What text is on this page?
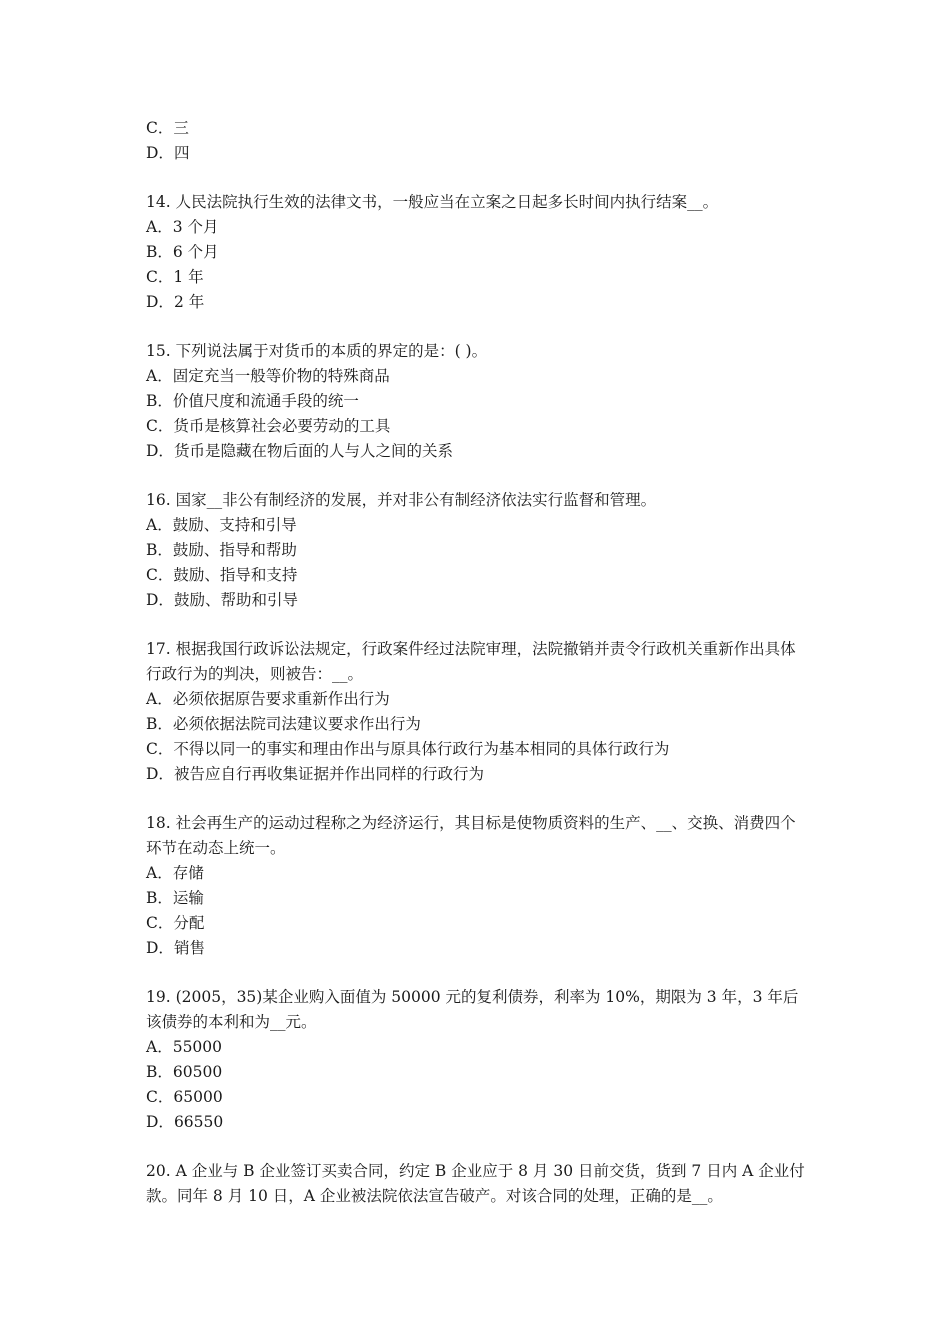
C．三
D．四
14. 人民法院执行生效的法律文书，一般应当在立案之日起多长时间内执行结案__。
A．3 个月
B．6 个月
C．1 年
D．2 年
15. 下列说法属于对货币的本质的界定的是：( )。
A．固定充当一般等价物的特殊商品
B．价值尺度和流通手段的统一
C．货币是核算社会必要劳动的工具
D．货币是隐藏在物后面的人与人之间的关系
16. 国家__非公有制经济的发展，并对非公有制经济依法实行监督和管理。
A．鼓励、支持和引导
B．鼓励、指导和帮助
C．鼓励、指导和支持
D．鼓励、帮助和引导
17. 根据我国行政诉讼法规定，行政案件经过法院审理，法院撤销并责令行政机关重新作出具体行政行为的判决，则被告：__。
A．必须依据原告要求重新作出行为
B．必须依据法院司法建议要求作出行为
C．不得以同一的事实和理由作出与原具体行政行为基本相同的具体行政行为
D．被告应自行再收集证据并作出同样的行政行为
18. 社会再生产的运动过程称之为经济运行，其目标是使物质资料的生产、__、交换、消费四个环节在动态上统一。
A．存储
B．运输
C．分配
D．销售
19. (2005，35)某企业购入面值为 50000 元的复利债券，利率为 10%，期限为 3 年，3 年后该债券的本利和为__元。
A．55000
B．60500
C．65000
D．66550
20. A 企业与 B 企业签订买卖合同，约定 B 企业应于 8 月 30 日前交货，货到 7 日内 A 企业付款。同年 8 月 10 日，A 企业被法院依法宣告破产。对该合同的处理，正确的是__。
